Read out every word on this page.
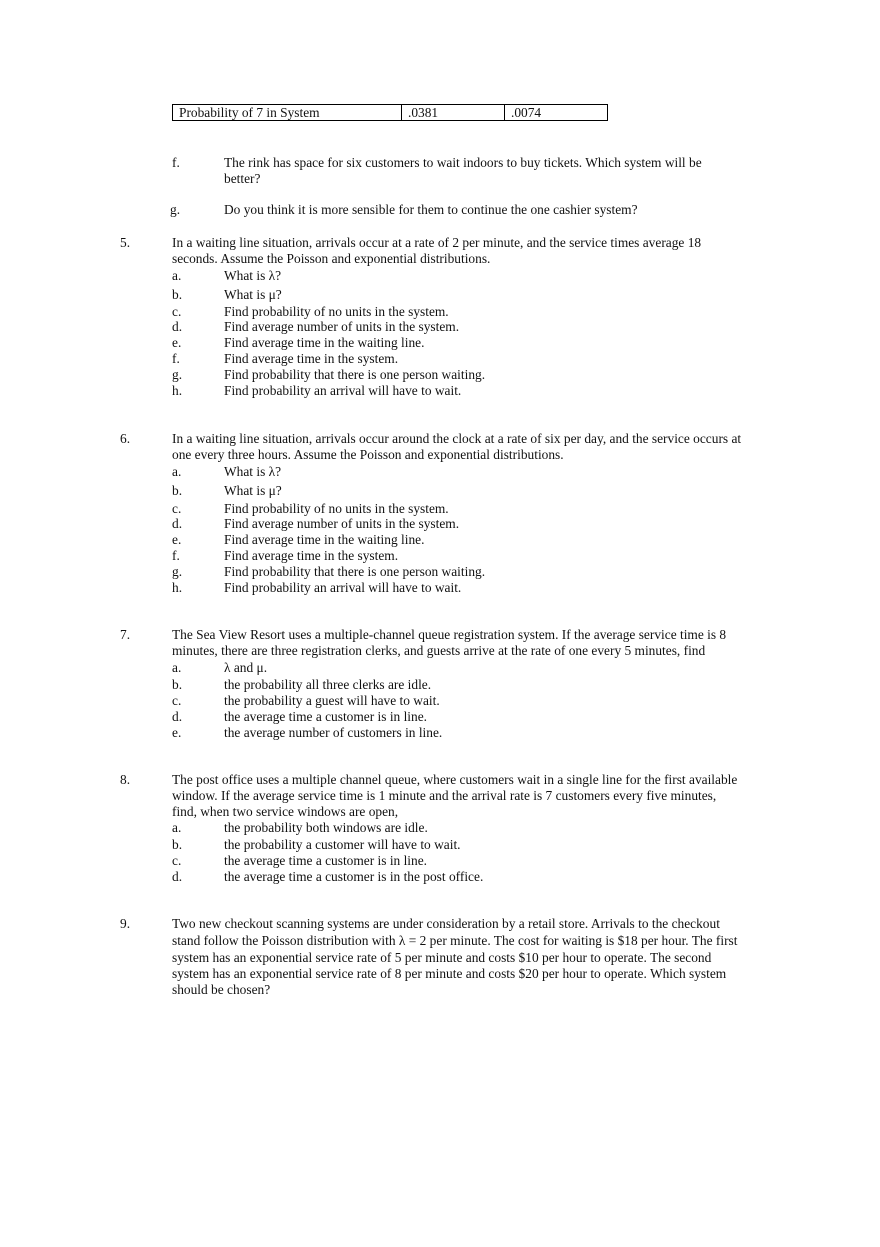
Probability of 7 in System	.0381	.0074
f.	The rink has space for six customers to wait indoors to buy tickets. Which system will be
better?
g.	Do you think it is more sensible for them to continue the one cashier system?
5.	In a waiting line situation, arrivals occur at a rate of 2 per minute, and the service times average 18
seconds. Assume the Poisson and exponential distributions.
a.	What is λ?
b.	What is μ?
c.	Find probability of no units in the system.
d.	Find average number of units in the system.
e.	Find average time in the waiting line.
f.	Find average time in the system.
g.	Find probability that there is one person waiting.
h.	Find probability an arrival will have to wait.
6.	In a waiting line situation, arrivals occur around the clock at a rate of six per day, and the service occurs at
one every three hours. Assume the Poisson and exponential distributions.
a.	What is λ?
b.	What is μ?
c.	Find probability of no units in the system.
d.	Find average number of units in the system.
e.	Find average time in the waiting line.
f.	Find average time in the system.
g.	Find probability that there is one person waiting.
h.	Find probability an arrival will have to wait.
7.	The Sea View Resort uses a multiple-channel queue registration system. If the average service time is 8
minutes, there are three registration clerks, and guests arrive at the rate of one every 5 minutes, find
a.	λ and μ.
b.	the probability all three clerks are idle.
c.	the probability a guest will have to wait.
d.	the average time a customer is in line.
e.	the average number of customers in line.
8.	The post office uses a multiple channel queue, where customers wait in a single line for the first available
window. If the average service time is 1 minute and the arrival rate is 7 customers every five minutes,
find, when two service windows are open,
a.	the probability both windows are idle.
b.	the probability a customer will have to wait.
c.	the average time a customer is in line.
d.	the average time a customer is in the post office.
9.	Two new checkout scanning systems are under consideration by a retail store. Arrivals to the checkout
stand follow the Poisson distribution with λ = 2 per minute. The cost for waiting is $18 per hour. The first
system has an exponential service rate of 5 per minute and costs $10 per hour to operate. The second
system has an exponential service rate of 8 per minute and costs $20 per hour to operate. Which system
should be chosen?
